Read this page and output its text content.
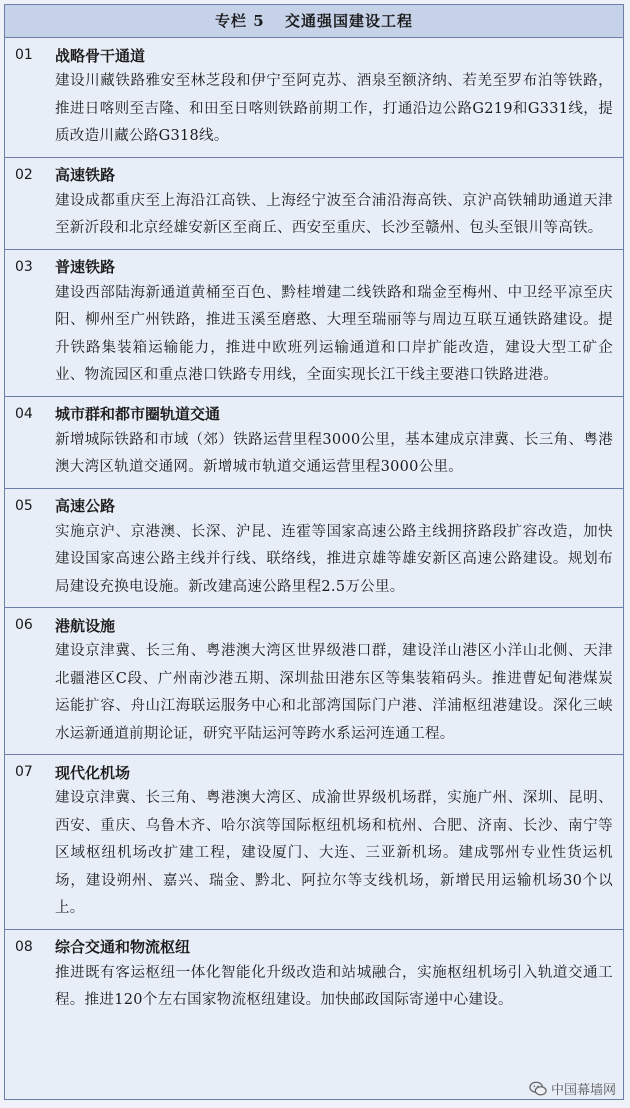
专栏 5 交通强国建设工程
01	战略骨干通道
建设川藏铁路雅安至林芝段和伊宁至阿克苏、酒泉至额济纳、若羌至罗布泊等铁路，推进日喀则至吉隆、和田至日喀则铁路前期工作，打通沿边公路G219和G331线，提质改造川藏公路G318线。
02	高速铁路
建设成都重庆至上海沿江高铁、上海经宁波至合浦沿海高铁、京沪高铁辅助通道天津至新沂段和北京经雄安新区至商丘、西安至重庆、长沙至赣州、包头至银川等高铁。
03	普速铁路
建设西部陆海新通道黄桶至百色、黔桂增建二线铁路和瑞金至梅州、中卫经平凉至庆阳、柳州至广州铁路，推进玉溪至磨憨、大理至瑞丽等与周边互联互通铁路建设。提升铁路集装箱运输能力，推进中欧班列运输通道和口岸扩能改造，建设大型工矿企业、物流园区和重点港口铁路专用线，全面实现长江干线主要港口铁路进港。
04	城市群和都市圈轨道交通
新增城际铁路和市域（郊）铁路运营里程3000公里，基本建成京津冀、长三角、粤港澳大湾区轨道交通网。新增城市轨道交通运营里程3000公里。
05	高速公路
实施京沪、京港澳、长深、沪昆、连霍等国家高速公路主线拥挤路段扩容改造，加快建设国家高速公路主线并行线、联络线，推进京雄等雄安新区高速公路建设。规划布局建设充换电设施。新改建高速公路里程2.5万公里。
06	港航设施
建设京津冀、长三角、粤港澳大湾区世界级港口群，建设洋山港区小洋山北侧、天津北疆港区C段、广州南沙港五期、深圳盐田港东区等集装箱码头。推进曹妃甸港煤炭运能扩容、舟山江海联运服务中心和北部湾国际门户港、洋浦枢纽港建设。深化三峡水运新通道前期论证，研究平陆运河等跨水系运河连通工程。
07	现代化机场
建设京津冀、长三角、粤港澳大湾区、成渝世界级机场群，实施广州、深圳、昆明、西安、重庆、乌鲁木齐、哈尔滨等国际枢纽机场和杭州、合肥、济南、长沙、南宁等区域枢纽机场改扩建工程，建设厦门、大连、三亚新机场。建成鄂州专业性货运机场，建设朔州、嘉兴、瑞金、黔北、阿拉尔等支线机场，新增民用运输机场30个以上。
08	综合交通和物流枢纽
推进既有客运枢纽一体化智能化升级改造和站城融合，实施枢纽机场引入轨道交通工程。推进120个左右国家物流枢纽建设。加快邮政国际寄递中心建设。
中国幕墙网
